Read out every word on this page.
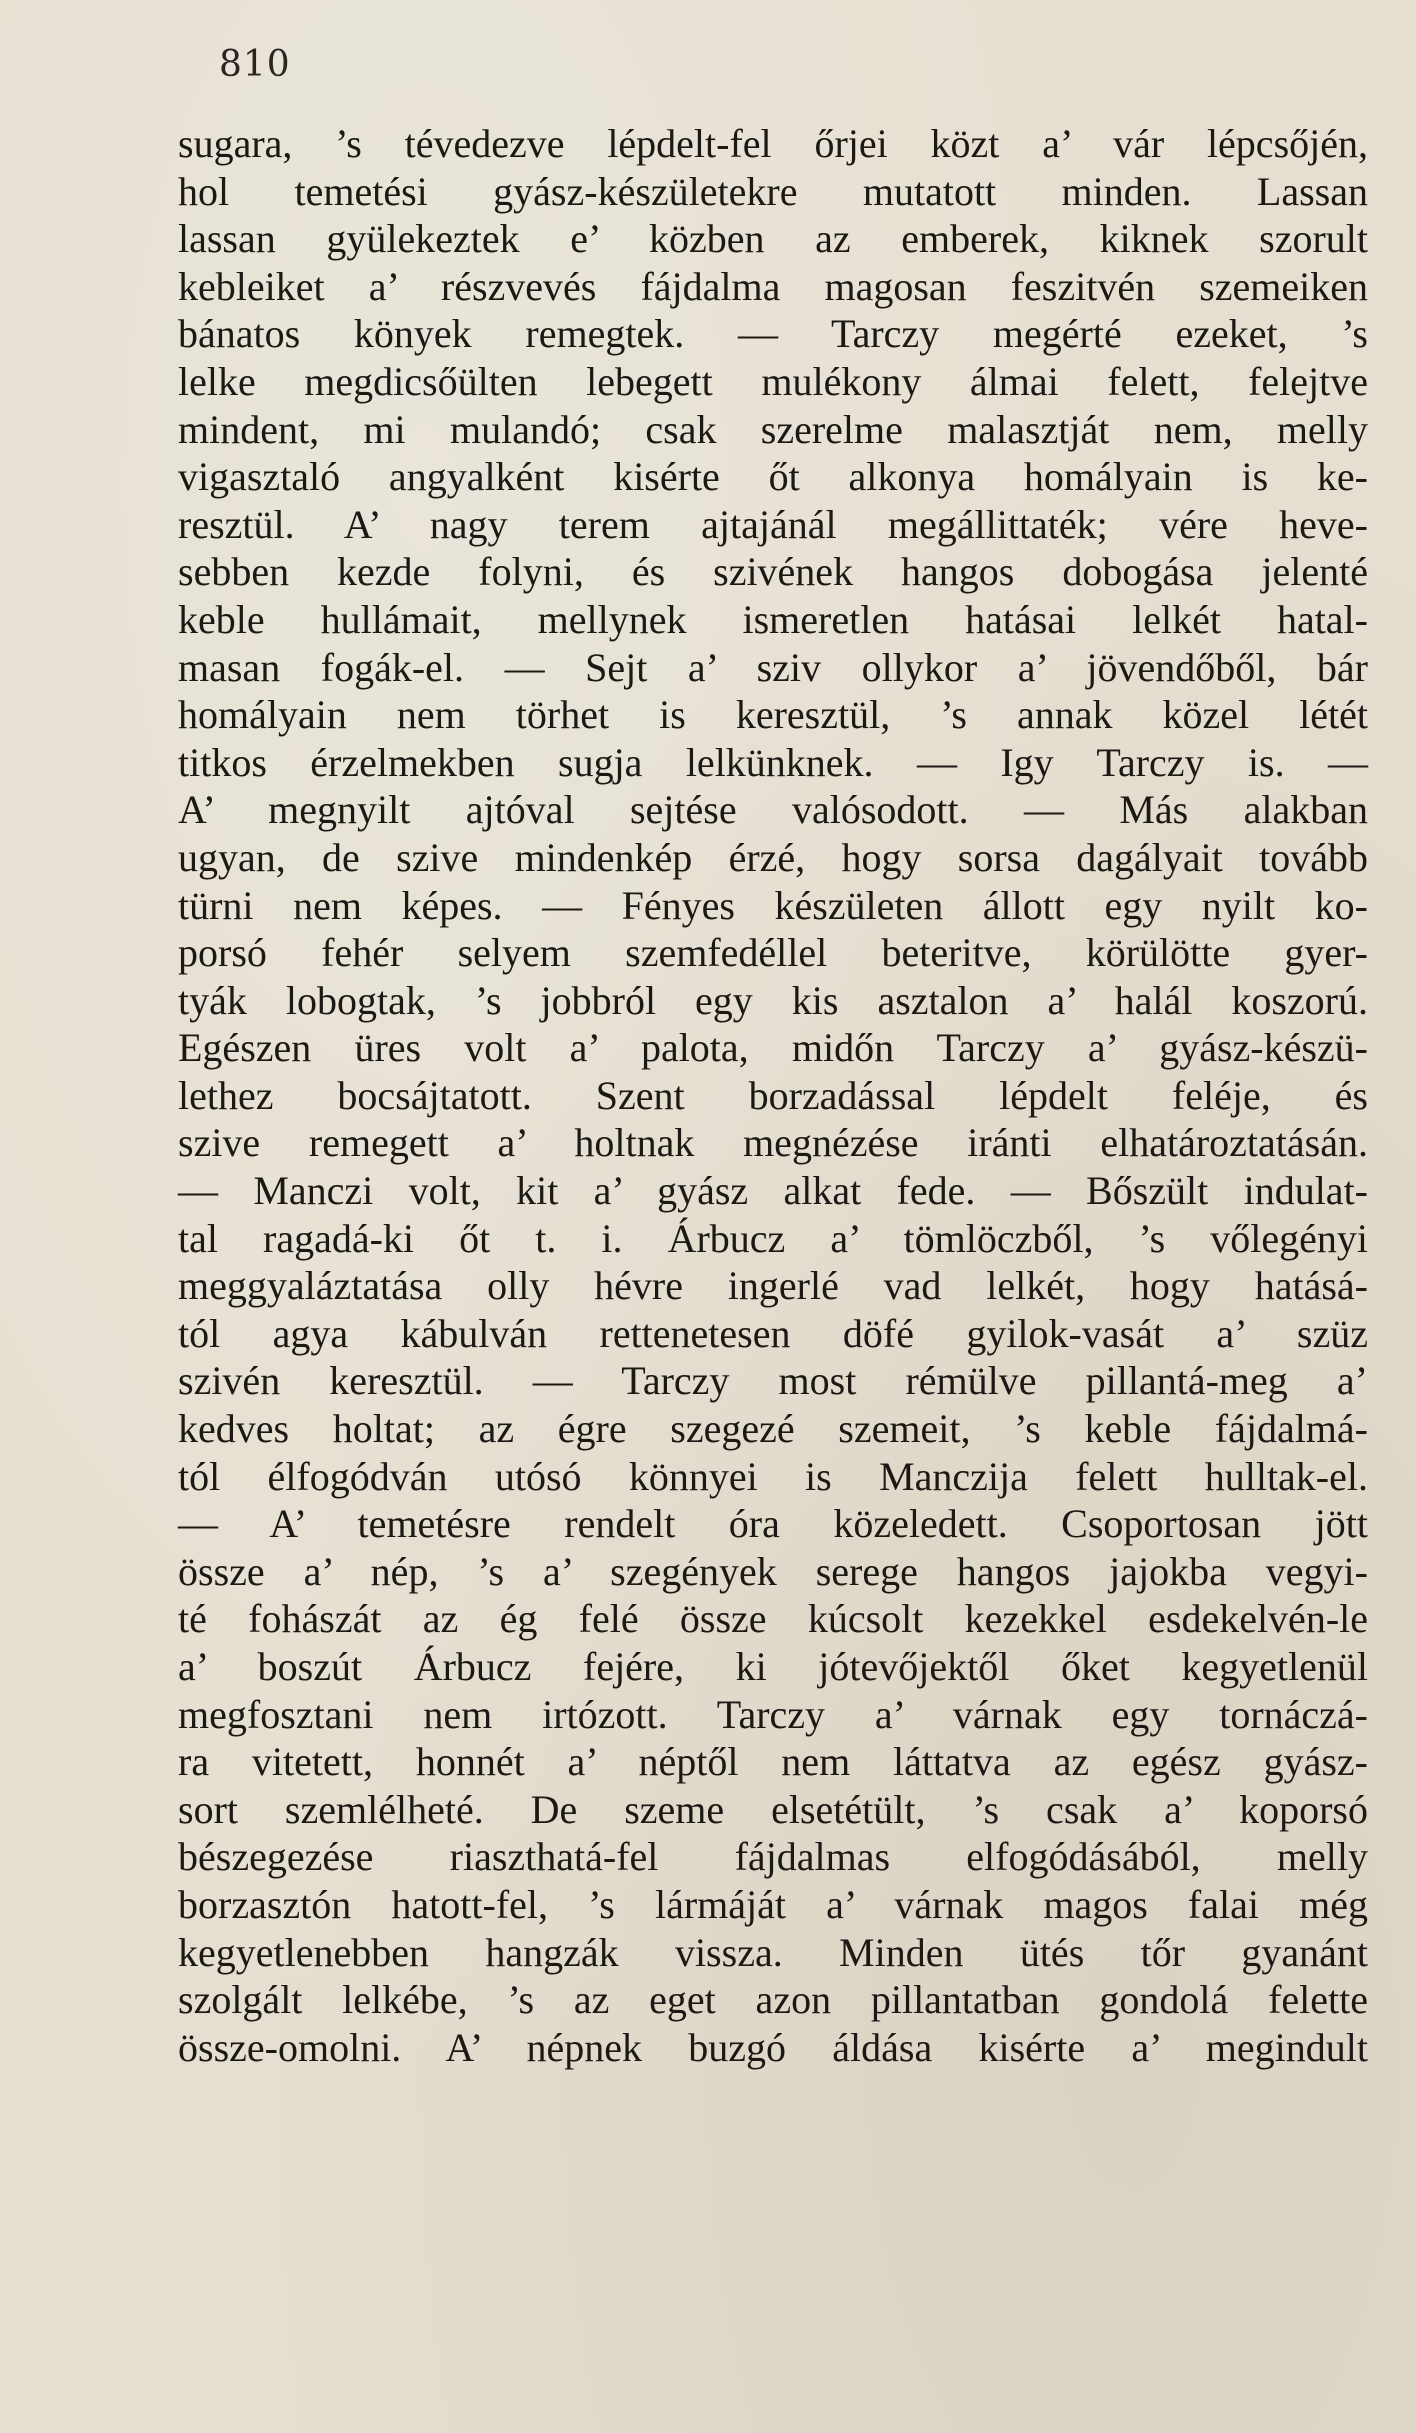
810
sugara, ’s tévedezve lépdelt-fel őrjei közt a’ vár lépcsőjén,
hol temetési gyász-készületekre mutatott minden. Lassan
lassan gyülekeztek e’ közben az emberek, kiknek szorult
kebleiket a’ részvevés fájdalma magosan feszitvén szemeiken
bánatos könyek remegtek. — Tarczy megérté ezeket, ’s
lelke megdicsőülten lebegett mulékony álmai felett, felejtve
mindent, mi mulandó; csak szerelme malasztját nem, melly
vigasztaló angyalként kisérte őt alkonya homályain is ke-
resztül. A’ nagy terem ajtajánál megállittaték; vére heve-
sebben kezde folyni, és szivének hangos dobogása jelenté
keble hullámait, mellynek ismeretlen hatásai lelkét hatal-
masan fogák-el. — Sejt a’ sziv ollykor a’ jövendőből, bár
homályain nem törhet is keresztül, ’s annak közel létét
titkos érzelmekben sugja lelkünknek. — Igy Tarczy is. —
A’ megnyilt ajtóval sejtése valósodott. — Más alakban
ugyan, de szive mindenkép érzé, hogy sorsa dagályait tovább
türni nem képes. — Fényes készületen állott egy nyilt ko-
porsó fehér selyem szemfedéllel beteritve, körülötte gyer-
tyák lobogtak, ’s jobbról egy kis asztalon a’ halál koszorú.
Egészen üres volt a’ palota, midőn Tarczy a’ gyász-készü-
lethez bocsájtatott. Szent borzadással lépdelt feléje, és
szive remegett a’ holtnak megnézése iránti elhatároztatásán.
— Manczi volt, kit a’ gyász alkat fede. — Bőszült indulat-
tal ragadá-ki őt t. i. Árbucz a’ tömlöczből, ’s vőlegényi
meggyaláztatása olly hévre ingerlé vad lelkét, hogy hatásá-
tól agya kábulván rettenetesen döfé gyilok-vasát a’ szüz
szivén keresztül. — Tarczy most rémülve pillantá-meg a’
kedves holtat; az égre szegezé szemeit, ’s keble fájdalmá-
tól élfogódván utósó könnyei is Manczija felett hulltak-el.
— A’ temetésre rendelt óra közeledett. Csoportosan jött
össze a’ nép, ’s a’ szegények serege hangos jajokba vegyi-
té fohászát az ég felé össze kúcsolt kezekkel esdekelvén-le
a’ boszút Árbucz fejére, ki jótevőjektől őket kegyetlenül
megfosztani nem irtózott. Tarczy a’ várnak egy tornáczá-
ra vitetett, honnét a’ néptől nem láttatva az egész gyász-
sort szemlélheté. De szeme elsetétült, ’s csak a’ koporsó
bészegezése riaszthatá-fel fájdalmas elfogódásából, melly
borzasztón hatott-fel, ’s lármáját a’ várnak magos falai még
kegyetlenebben hangzák vissza. Minden ütés tőr gyanánt
szolgált lelkébe, ’s az eget azon pillantatban gondolá felette
össze-omolni. A’ népnek buzgó áldása kisérte a’ megindult
